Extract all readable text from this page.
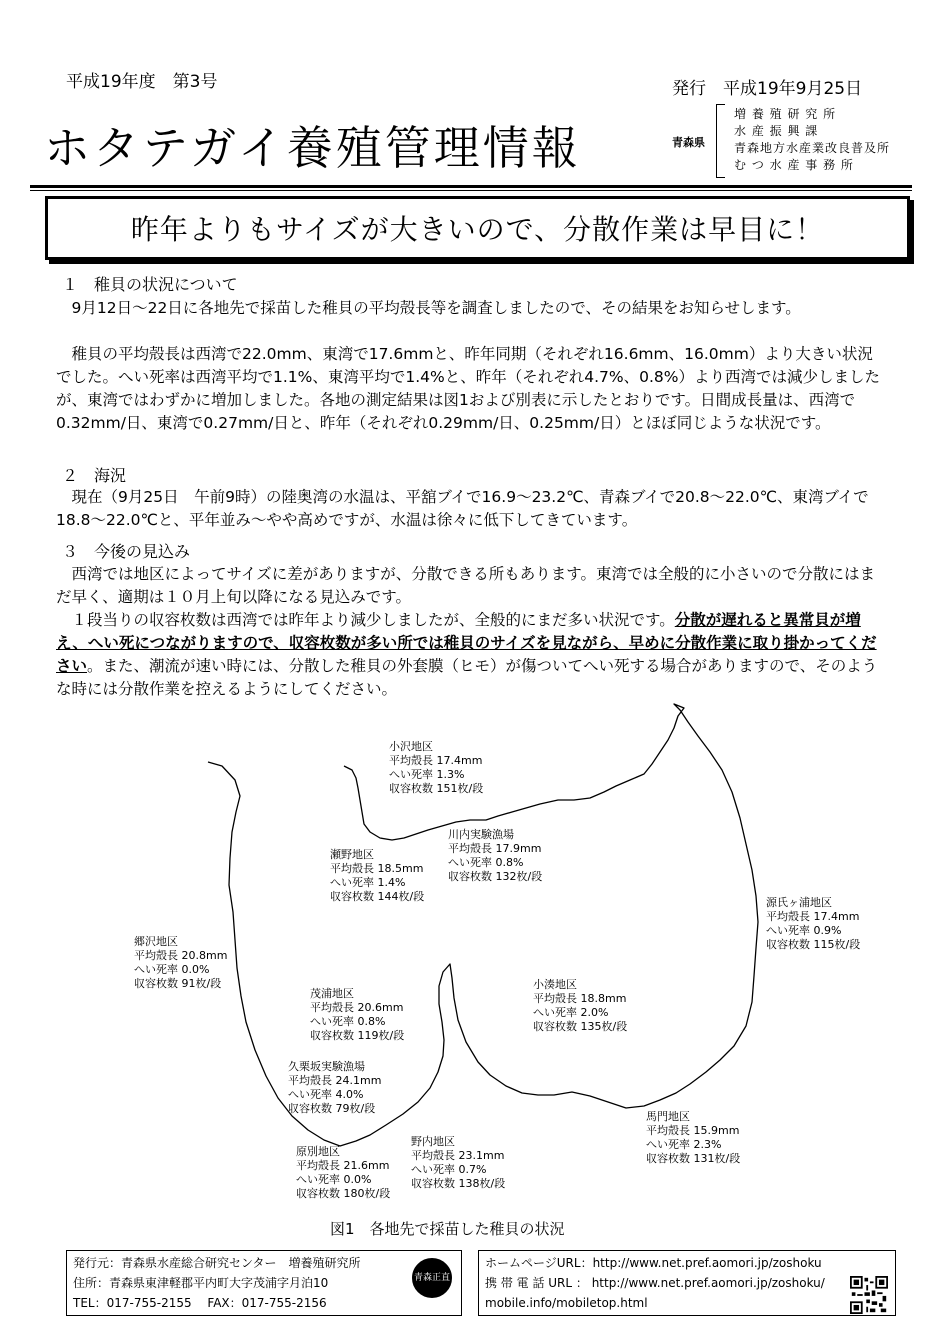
平成19年度　第3号	発行　平成19年9月25日
ホタテガイ養殖管理情報	青森県
増 養 殖 研 究 所
水 産 振 興 課
青森地方水産業改良普及所
む つ 水 産 事 務 所
昨年よりもサイズが大きいので、分散作業は早目に！
１　稚貝の状況について
9月12日～22日に各地先で採苗した稚貝の平均殻長等を調査しましたので、その結果をお知らせします。
稚貝の平均殻長は西湾で22.0mm、東湾で17.6mmと、昨年同期（それぞれ16.6mm、16.0mm）より大きい状況でした。へい死率は西湾平均で1.1%、東湾平均で1.4%と、昨年（それぞれ4.7%、0.8%）より西湾では減少しましたが、東湾ではわずかに増加しました。各地の測定結果は図1および別表に示したとおりです。日間成長量は、西湾で0.32mm/日、東湾で0.27mm/日と、昨年（それぞれ0.29mm/日、0.25mm/日）とほぼ同じような状況です。
２　海況
現在（9月25日　午前9時）の陸奥湾の水温は、平舘ブイで16.9～23.2℃、青森ブイで20.8～22.0℃、東湾ブイで18.8～22.0℃と、平年並み～やや高めですが、水温は徐々に低下してきています。
３　今後の見込み
西湾では地区によってサイズに差がありますが、分散できる所もあります。東湾では全般的に小さいので分散にはまだ早く、適期は１０月上旬以降になる見込みです。
１段当りの収容枚数は西湾では昨年より減少しましたが、全般的にまだ多い状況です。分散が遅れると異常貝が増え、へい死につながりますので、収容枚数が多い所では稚貝のサイズを見ながら、早めに分散作業に取り掛かってください。また、潮流が速い時には、分散した稚貝の外套膜（ヒモ）が傷ついてへい死する場合がありますので、そのような時には分散作業を控えるようにしてください。
小沢地区
平均殻長 17.4mm
へい死率 1.3%
収容枚数 151枚/段
川内実験漁場
平均殻長 17.9mm
へい死率 0.8%
収容枚数 132枚/段
瀬野地区
平均殻長 18.5mm
へい死率 1.4%
収容枚数 144枚/段	源氏ヶ浦地区
平均殻長 17.4mm
へい死率 0.9%
収容枚数 115枚/段
郷沢地区
平均殻長 20.8mm
へい死率 0.0%
収容枚数 91枚/段	小湊地区
平均殻長 18.8mm
へい死率 2.0%
収容枚数 135枚/段
茂浦地区
平均殻長 20.6mm
へい死率 0.8%
収容枚数 119枚/段
久栗坂実験漁場
平均殻長 24.1mm
へい死率 4.0%
収容枚数 79枚/段
馬門地区
平均殻長 15.9mm
へい死率 2.3%
収容枚数 131枚/段
原別地区
平均殻長 21.6mm
へい死率 0.0%
収容枚数 180枚/段
野内地区
平均殻長 23.1mm
へい死率 0.7%
収容枚数 138枚/段
図1　各地先で採苗した稚貝の状況
発行元：青森県水産総合研究センター　増養殖研究所
住所：青森県東津軽郡平内町大字茂浦字月泊10
TEL：017-755-2155　 FAX：017-755-2156
青森正直
ホームページURL：http://www.net.pref.aomori.jp/zoshoku
携 帯 電 話 URL ： http://www.net.pref.aomori.jp/zoshoku/
mobile.info/mobiletop.html
